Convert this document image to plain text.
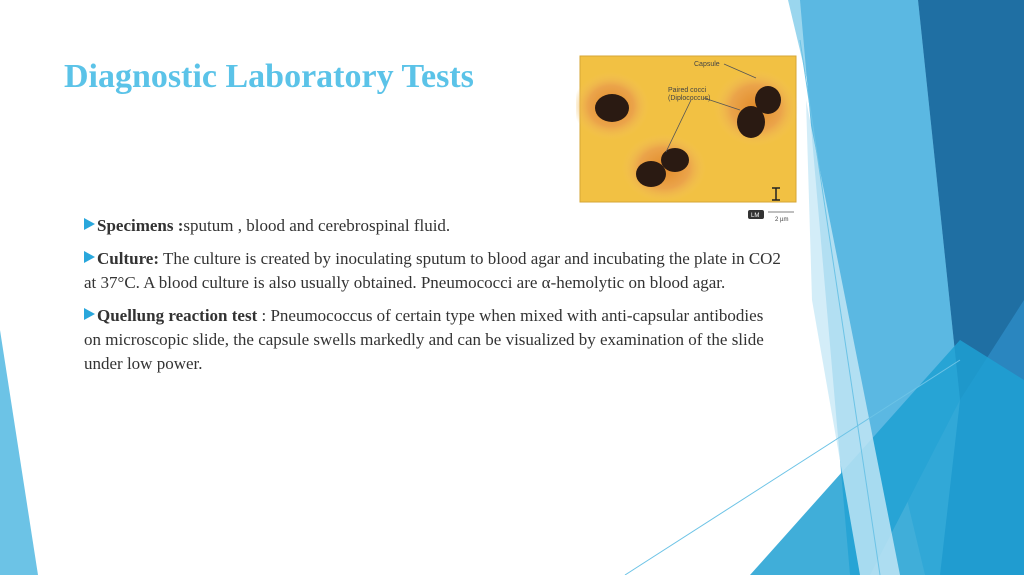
Diagnostic Laboratory Tests	Capsule
Paired cocci
(Diplococcus)
LM
2 µm
Specimens :sputum , blood and cerebrospinal fluid.
Culture: The culture is created by inoculating sputum to blood agar and incubating the plate in CO2 at 37°C. A blood culture is also usually obtained. Pneumococci are α-hemolytic on blood agar.
Quellung reaction test : Pneumococcus of certain type when mixed with anti-capsular antibodies on microscopic slide, the capsule swells markedly and can be visualized by examination of the slide under low power.
